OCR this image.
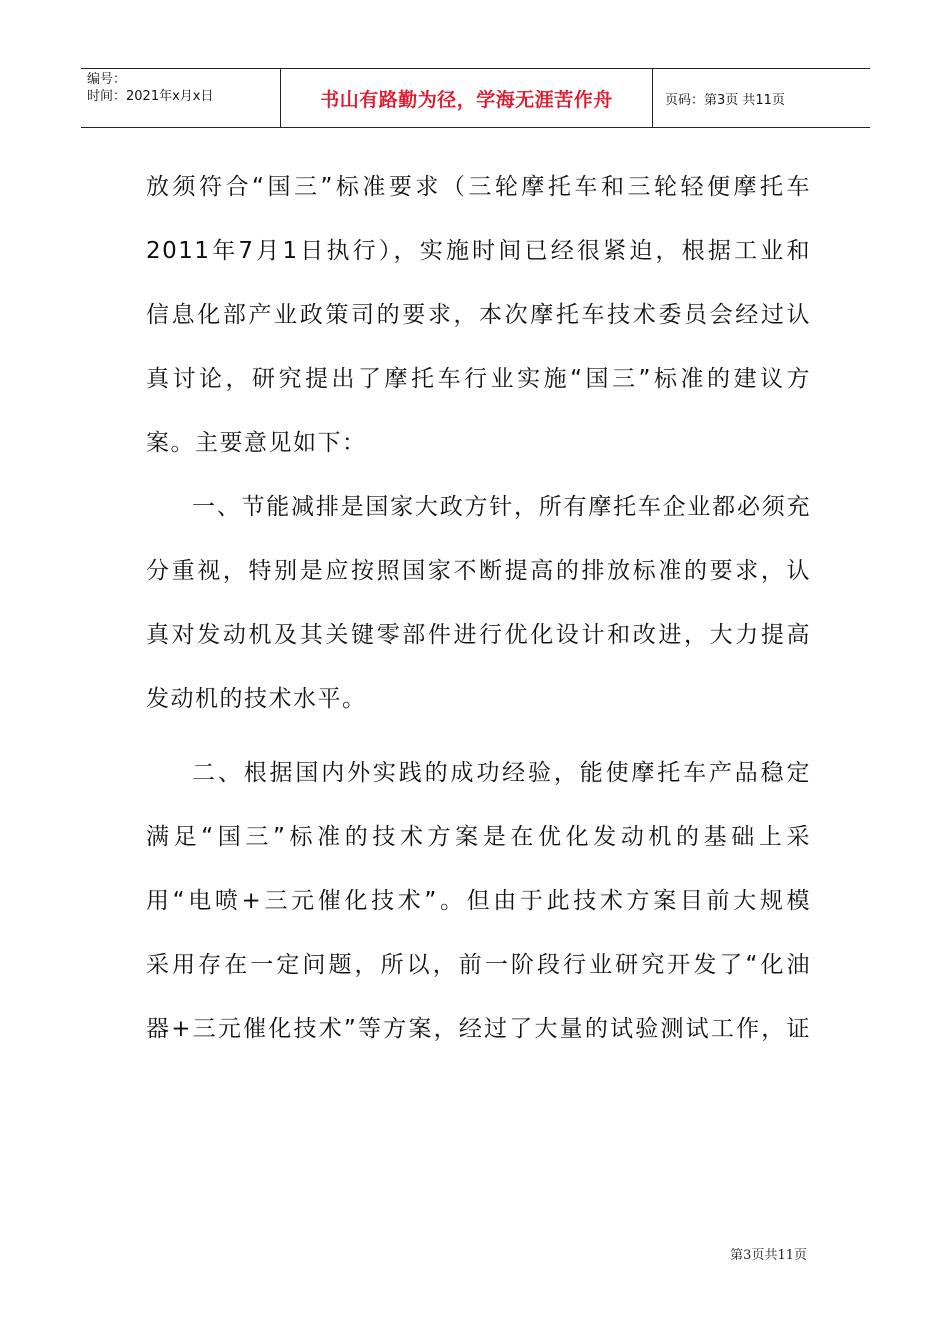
编号：
时间：2021年x月x日	书山有路勤为径，学海无涯苦作舟	页码：第3页 共11页
放须符合“国三”标准要求（三轮摩托车和三轮轻便摩托车
2011年7月1日执行），实施时间已经很紧迫，根据工业和
信息化部产业政策司的要求，本次摩托车技术委员会经过认
真讨论，研究提出了摩托车行业实施“国三”标准的建议方
案。主要意见如下：
一、节能减排是国家大政方针，所有摩托车企业都必须充
分重视，特别是应按照国家不断提高的排放标准的要求，认
真对发动机及其关键零部件进行优化设计和改进，大力提高
发动机的技术水平。
二、根据国内外实践的成功经验，能使摩托车产品稳定
满足“国三”标准的技术方案是在优化发动机的基础上采
用“电喷+三元催化技术”。但由于此技术方案目前大规模
采用存在一定问题，所以，前一阶段行业研究开发了“化油
器+三元催化技术”等方案，经过了大量的试验测试工作，证
第3页共11页
